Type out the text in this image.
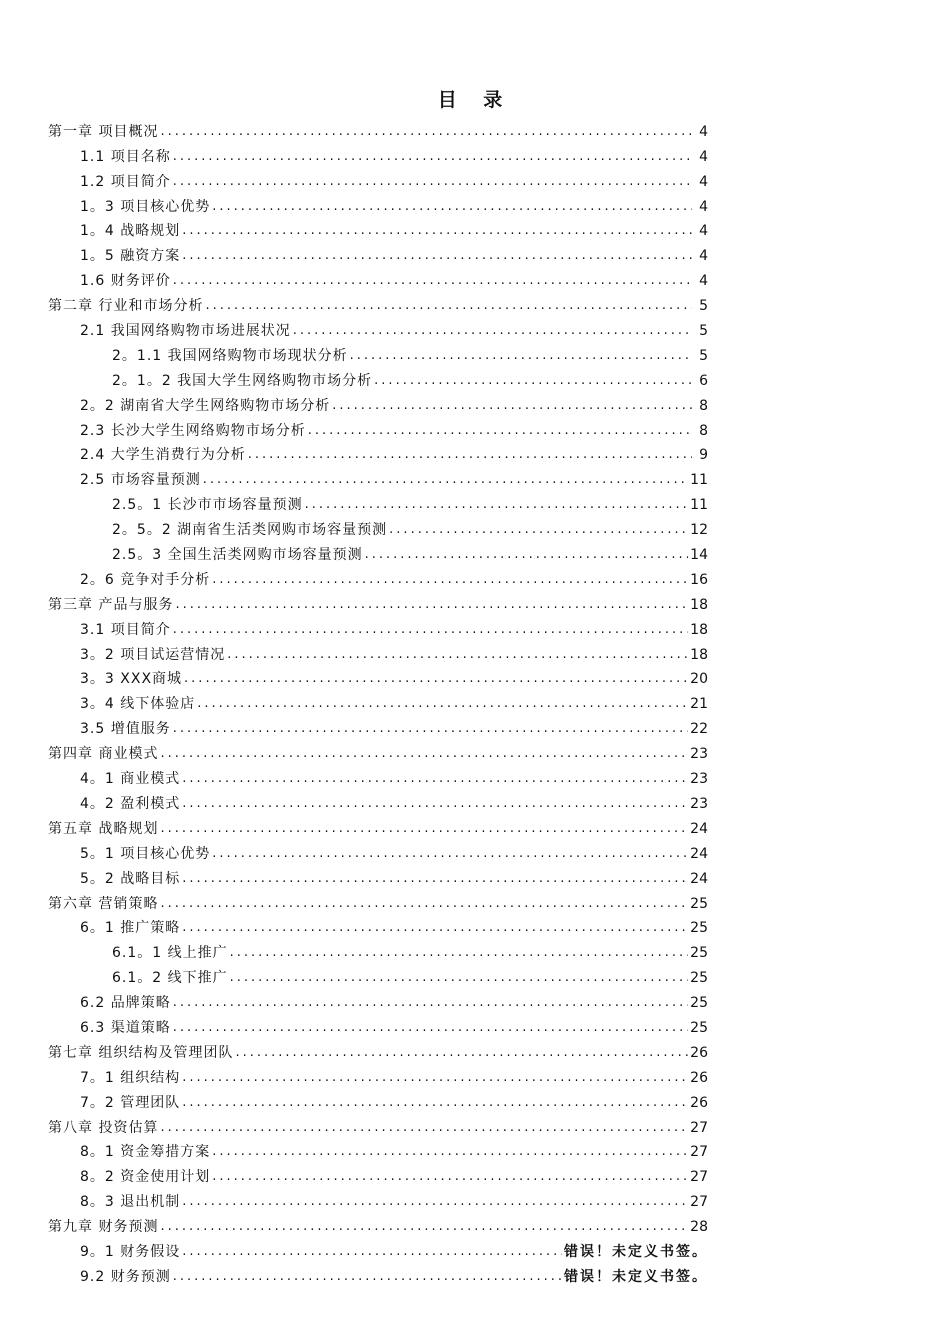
目 录
第一章 项目概况 .....	4
1.1 项目名称 .....	4
1.2 项目简介 .....	4
1。3 项目核心优势 .....	4
1。4 战略规划 .....	4
1。5 融资方案 .....	4
1.6 财务评价 .....	4
第二章 行业和市场分析 .....	5
2.1 我国网络购物市场进展状况 .....	5
2。1.1 我国网络购物市场现状分析 .....	5
2。1。2 我国大学生网络购物市场分析 .....	6
2。2 湖南省大学生网络购物市场分析 .....	8
2.3 长沙大学生网络购物市场分析 .....	8
2.4 大学生消费行为分析 .....	9
2.5 市场容量预测 .....	11
2.5。1 长沙市市场容量预测 .....	11
2。5。2 湖南省生活类网购市场容量预测 .....	12
2.5。3 全国生活类网购市场容量预测 .....	14
2。6 竞争对手分析 .....	16
第三章 产品与服务 .....	18
3.1 项目简介 .....	18
3。2 项目试运营情况 .....	18
3。3 XXX商城 .....	20
3。4 线下体验店 .....	21
3.5 增值服务 .....	22
第四章 商业模式 .....	23
4。1 商业模式 .....	23
4。2 盈利模式 .....	23
第五章 战略规划 .....	24
5。1 项目核心优势 .....	24
5。2 战略目标 .....	24
第六章 营销策略 .....	25
6。1 推广策略 .....	25
6.1。1 线上推广 .....	25
6.1。2 线下推广 .....	25
6.2 品牌策略 .....	25
6.3 渠道策略 .....	25
第七章 组织结构及管理团队 .....	26
7。1 组织结构 .....	26
7。2 管理团队 .....	26
第八章 投资估算 .....	27
8。1 资金筹措方案 .....	27
8。2 资金使用计划 .....	27
8。3 退出机制 .....	27
第九章 财务预测 .....	28
9。1 财务假设 .....	错误！未定义书签。
9.2 财务预测 .....	错误！未定义书签。
